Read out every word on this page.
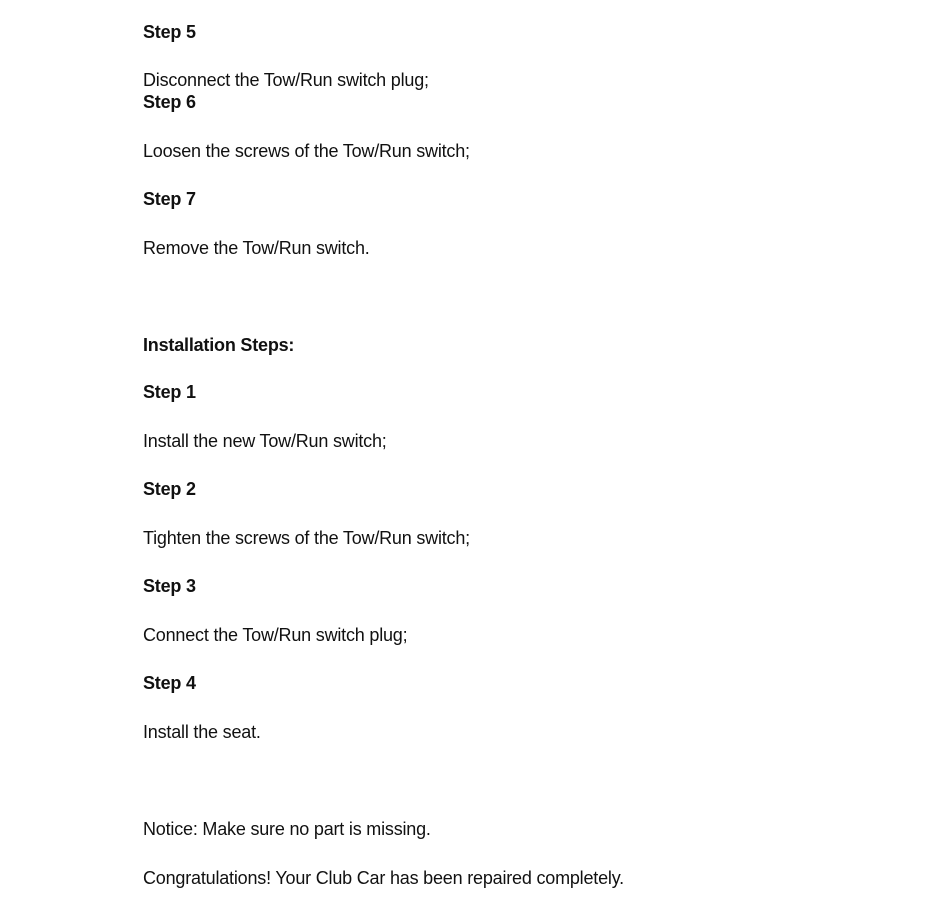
Step 5
Disconnect the Tow/Run switch plug;
Step 6
Loosen the screws of the Tow/Run switch;
Step 7
Remove the Tow/Run switch.
Installation Steps:
Step 1
Install the new Tow/Run switch;
Step 2
Tighten the screws of the Tow/Run switch;
Step 3
Connect the Tow/Run switch plug;
Step 4
Install the seat.
Notice: Make sure no part is missing.
Congratulations! Your Club Car has been repaired completely.
